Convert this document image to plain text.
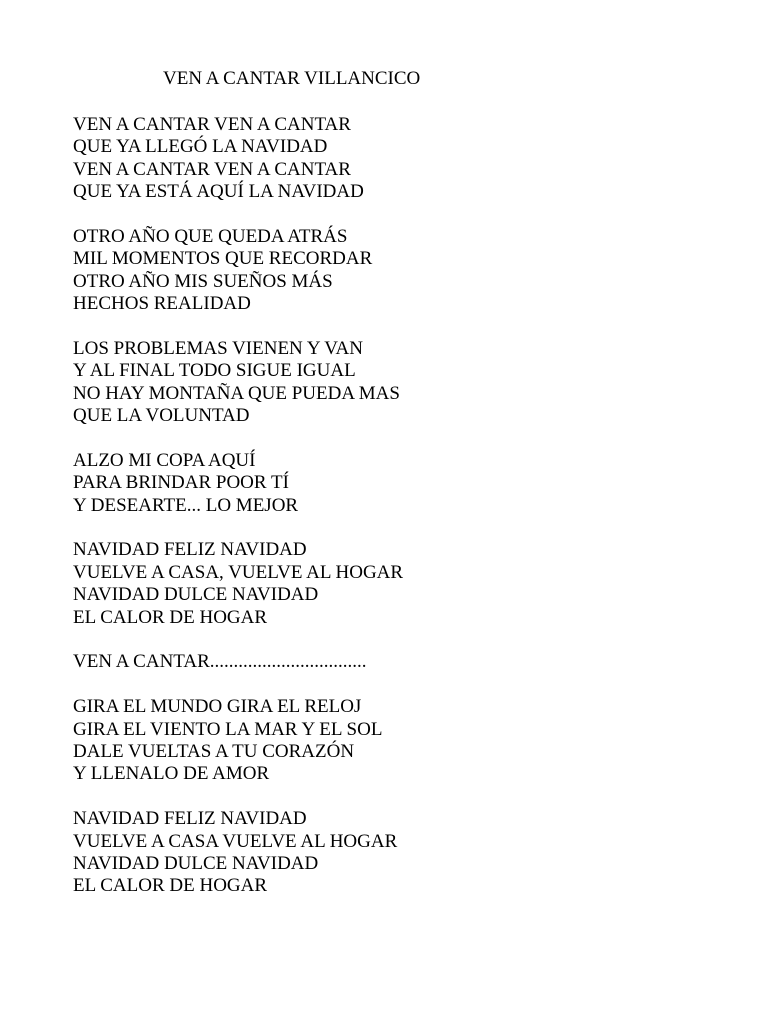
VEN A CANTAR VILLANCICO
VEN A CANTAR VEN A CANTAR
QUE YA LLEGÓ LA NAVIDAD
VEN A CANTAR VEN A CANTAR
QUE YA ESTÁ AQUÍ LA NAVIDAD
OTRO AÑO QUE QUEDA ATRÁS
MIL MOMENTOS QUE RECORDAR
OTRO AÑO MIS SUEÑOS MÁS
HECHOS REALIDAD
LOS PROBLEMAS VIENEN Y VAN
Y AL FINAL TODO SIGUE IGUAL
NO HAY MONTAÑA QUE PUEDA MAS
QUE LA VOLUNTAD
ALZO MI COPA AQUÍ
PARA BRINDAR POOR TÍ
Y DESEARTE... LO MEJOR
NAVIDAD FELIZ NAVIDAD
VUELVE A CASA, VUELVE AL HOGAR
NAVIDAD DULCE NAVIDAD
EL CALOR DE HOGAR
VEN A CANTAR.................................
GIRA EL MUNDO GIRA EL RELOJ
GIRA EL VIENTO LA MAR Y EL SOL
DALE VUELTAS A TU CORAZÓN
Y LLENALO DE AMOR
NAVIDAD FELIZ NAVIDAD
VUELVE A CASA VUELVE AL HOGAR
NAVIDAD DULCE NAVIDAD
EL CALOR DE HOGAR
